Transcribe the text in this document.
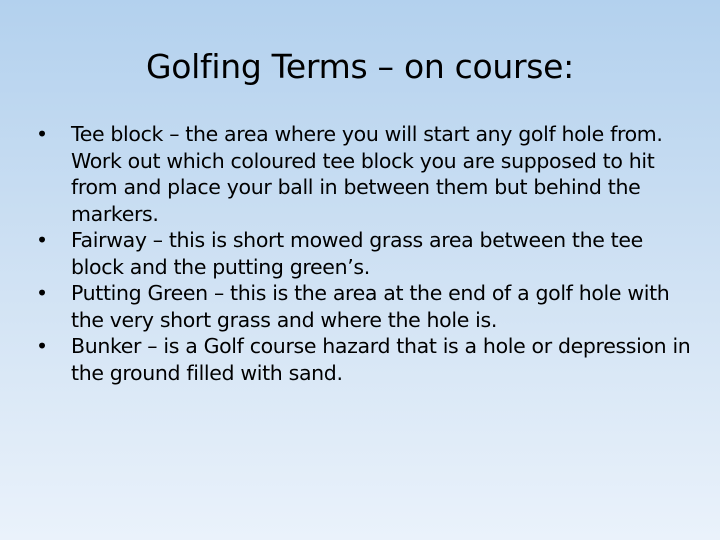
Golfing Terms – on course:
•	Tee block – the area where you will start any golf hole from. Work out which coloured tee block you are supposed to hit from and place your ball in between them but behind the markers.
•	Fairway – this is short mowed grass area between the tee block and the putting green’s.
•	Putting Green – this is the area at the end of a golf hole with the very short grass and where the hole is.
•	Bunker – is a Golf course hazard that is a hole or depression in the ground filled with sand.
